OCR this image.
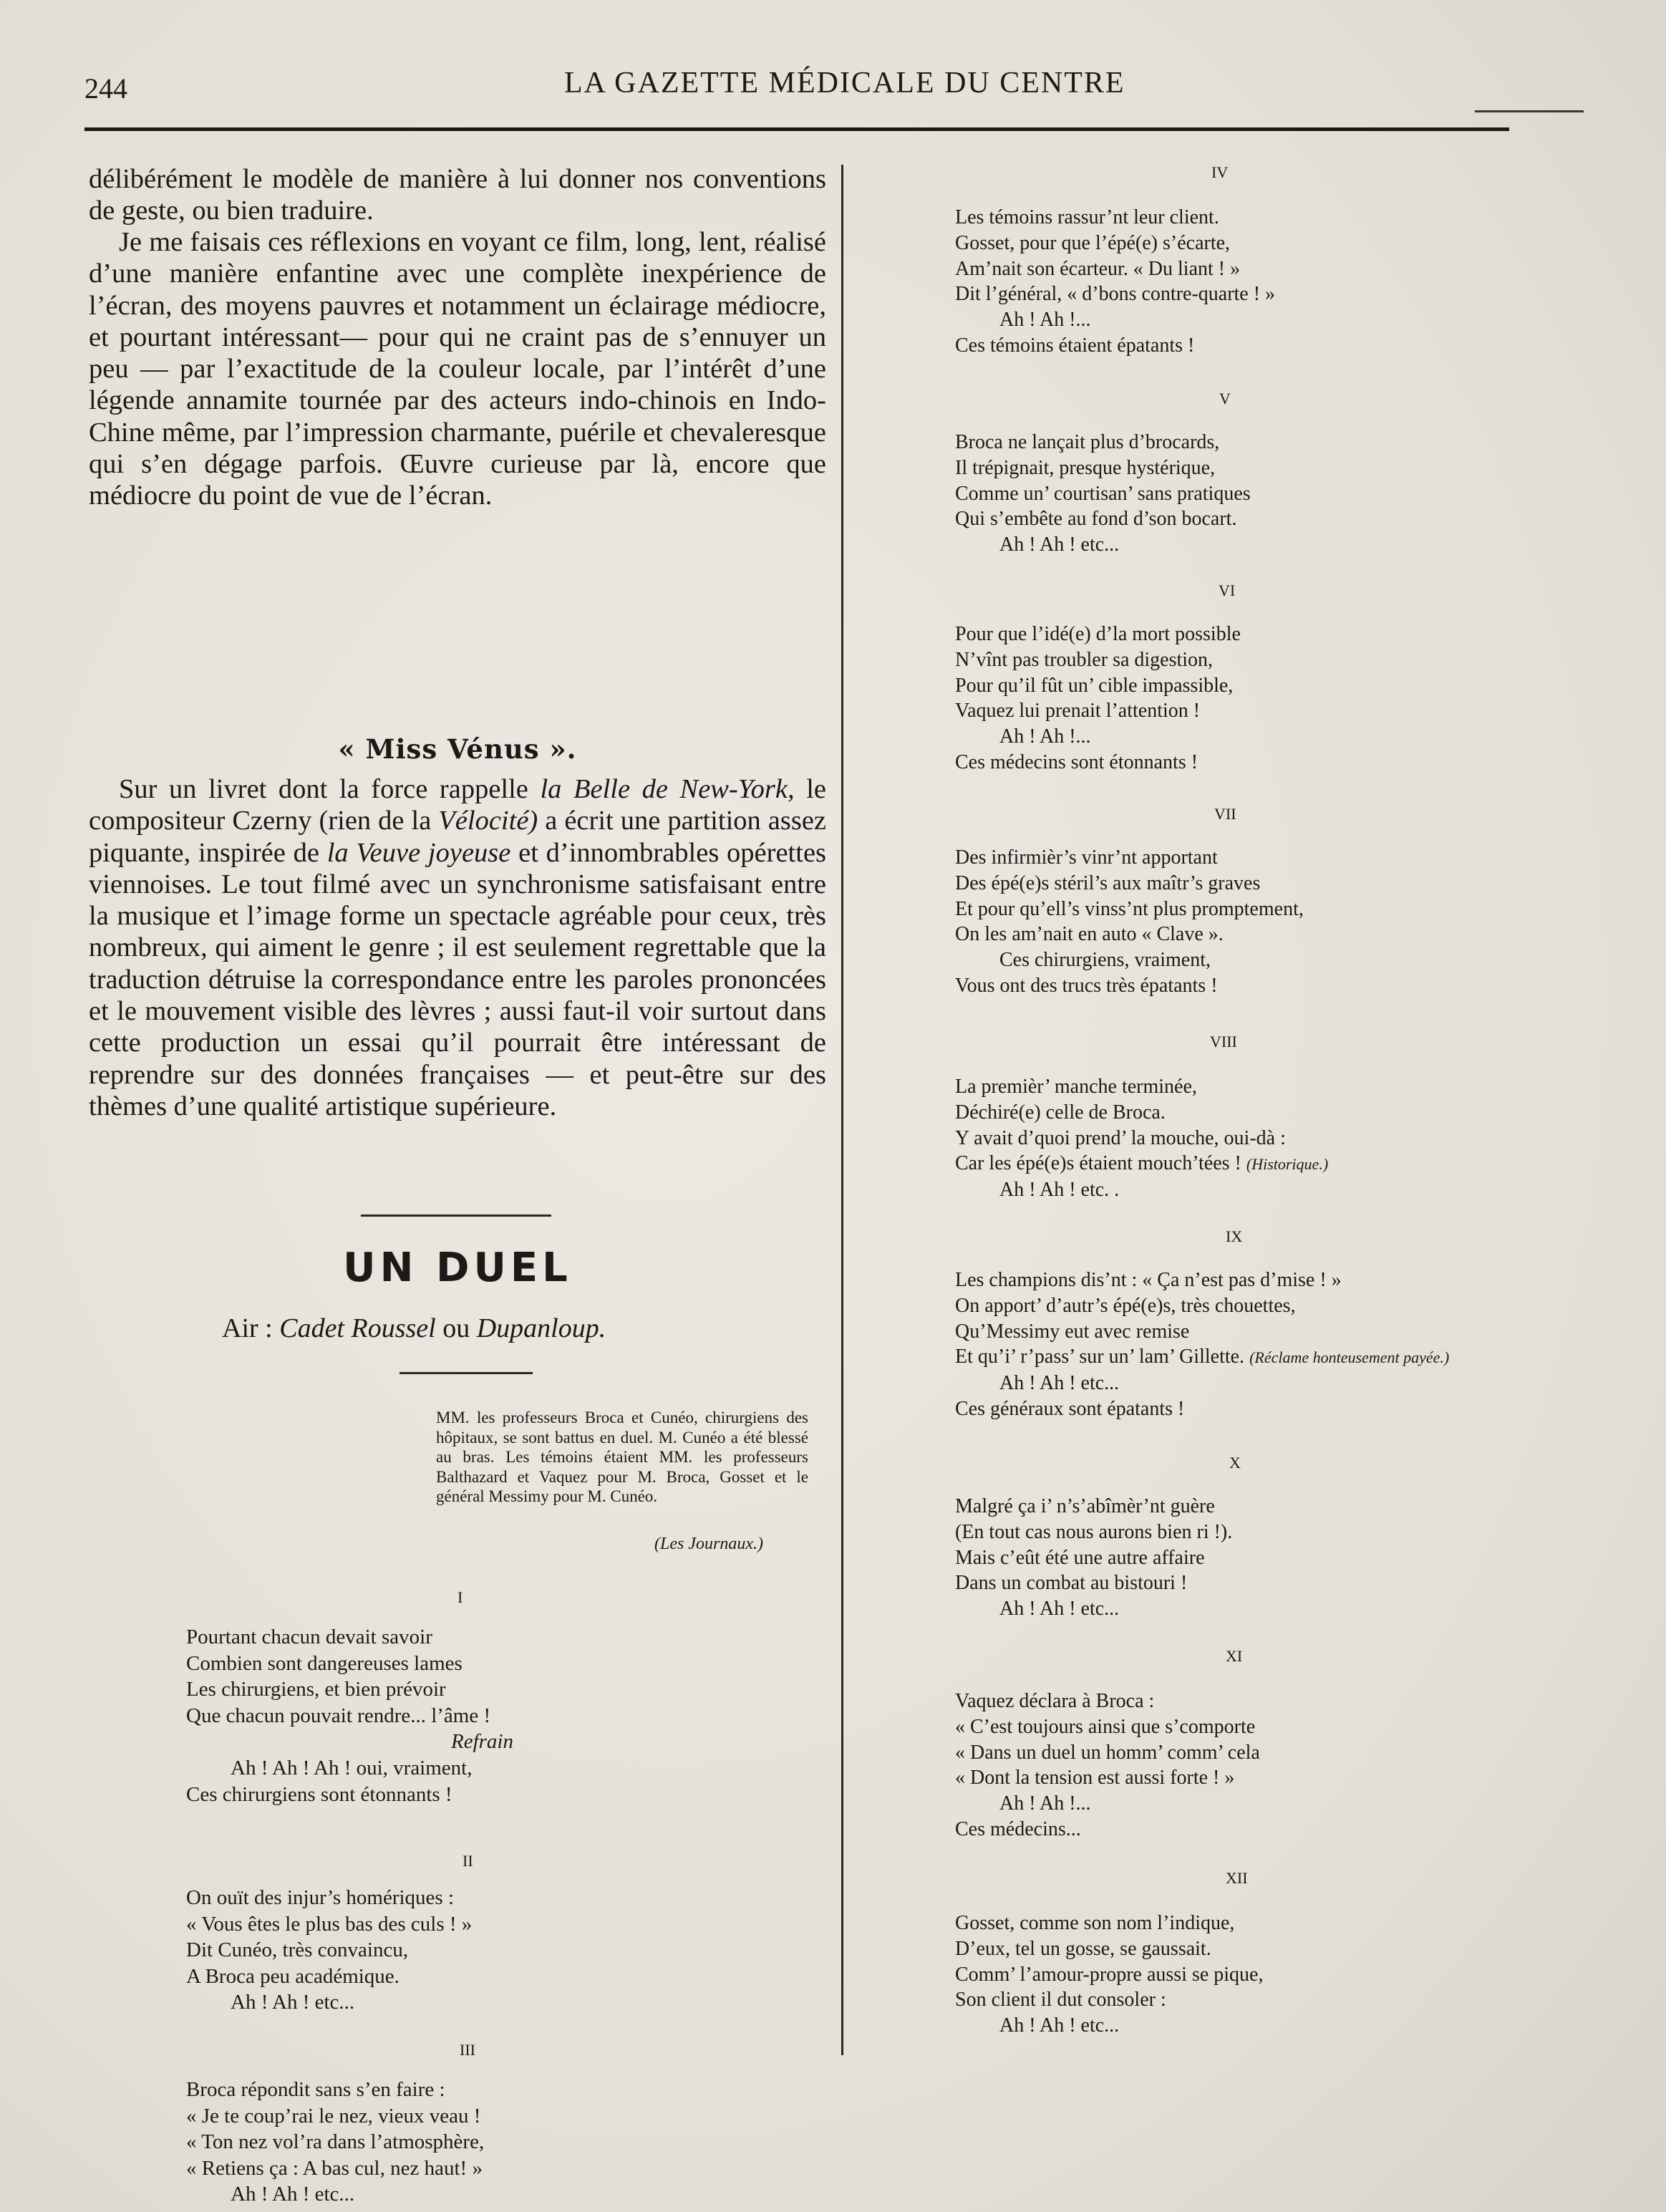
244	LA GAZETTE MÉDICALE DU CENTRE

délibérément le modèle de manière à lui donner nos conventions de geste, ou bien traduire.

Je me faisais ces réflexions en voyant ce film, long, lent, réalisé d’une manière enfantine avec une complète inexpérience de l’écran, des moyens pauvres et notamment un éclairage médiocre, et pourtant intéressant— pour qui ne craint pas de s’ennuyer un peu — par l’exactitude de la couleur locale, par l’intérêt d’une légende annamite tournée par des acteurs indo-chinois en Indo-Chine même, par l’impression charmante, puérile et chevaleresque qui s’en dégage parfois. Œuvre curieuse par là, encore que médiocre du point de vue de l’écran.

« Miss Vénus ».

Sur un livret dont la force rappelle la Belle de New-York, le compositeur Czerny (rien de la Vélocité) a écrit une partition assez piquante, inspirée de la Veuve joyeuse et d’innombrables opérettes viennoises. Le tout filmé avec un synchronisme satisfaisant entre la musique et l’image forme un spectacle agréable pour ceux, très nombreux, qui aiment le genre ; il est seulement regrettable que la traduction détruise la correspondance entre les paroles prononcées et le mouvement visible des lèvres ; aussi faut-il voir surtout dans cette production un essai qu’il pourrait être intéressant de reprendre sur des données françaises — et peut-être sur des thèmes d’une qualité artistique supérieure.

UN DUEL
Air : Cadet Roussel ou Dupanloup.
MM. les professeurs Broca et Cunéo, chirurgiens des hôpitaux, se sont battus en duel. M. Cunéo a été blessé au bras. Les témoins étaient MM. les professeurs Balthazard et Vaquez pour M. Broca, Gosset et le général Messimy pour M. Cunéo.
(Les Journaux.)
I
Pourtant chacun devait savoir
Combien sont dangereuses lames
Les chirurgiens, et bien prévoir
Que chacun pouvait rendre... l’âme !
Refrain
Ah ! Ah ! Ah ! oui, vraiment,
Ces chirurgiens sont étonnants !
II
On ouït des injur’s homériques :
« Vous êtes le plus bas des culs ! »
Dit Cunéo, très convaincu,
A Broca peu académique.
Ah ! Ah ! etc...
III
Broca répondit sans s’en faire :
« Je te coup’rai le nez, vieux veau !
« Ton nez vol’ra dans l’atmosphère,
« Retiens ça : A bas cul, nez haut! »
Ah ! Ah ! etc...
IV
Les témoins rassur’nt leur client.
Gosset, pour que l’épé(e) s’écarte,
Am’nait son écarteur. « Du liant ! »
Dit l’général, « d’bons contre-quarte ! »
Ah ! Ah !...
Ces témoins étaient épatants !
V
Broca ne lançait plus d’brocards,
Il trépignait, presque hystérique,
Comme un’ courtisan’ sans pratiques
Qui s’embête au fond d’son bocart.
Ah ! Ah ! etc...
VI
Pour que l’idé(e) d’la mort possible
N’vînt pas troubler sa digestion,
Pour qu’il fût un’ cible impassible,
Vaquez lui prenait l’attention !
Ah ! Ah !...
Ces médecins sont étonnants !
VII
Des infirmièr’s vinr’nt apportant
Des épé(e)s stéril’s aux maîtr’s graves
Et pour qu’ell’s vinss’nt plus promptement,
On les am’nait en auto « Clave ».
Ces chirurgiens, vraiment,
Vous ont des trucs très épatants !
VIII
La premièr’ manche terminée,
Déchiré(e) celle de Broca.
Y avait d’quoi prend’ la mouche, oui-dà :
Car les épé(e)s étaient mouch’tées ! (Historique.)
Ah ! Ah ! etc. .
IX
Les champions dis’nt : « Ça n’est pas d’mise ! »
On apport’ d’autr’s épé(e)s, très chouettes,
Qu’Messimy eut avec remise
Et qu’i’ r’pass’ sur un’ lam’ Gillette. (Réclame honteusement payée.)
Ah ! Ah ! etc...
Ces généraux sont épatants !
X
Malgré ça i’ n’s’abîmèr’nt guère
(En tout cas nous aurons bien ri !).
Mais c’eût été une autre affaire
Dans un combat au bistouri !
Ah ! Ah ! etc...
XI
Vaquez déclara à Broca :
« C’est toujours ainsi que s’comporte
« Dans un duel un homm’ comm’ cela
« Dont la tension est aussi forte ! »
Ah ! Ah !...
Ces médecins...
XII
Gosset, comme son nom l’indique,
D’eux, tel un gosse, se gaussait.
Comm’ l’amour-propre aussi se pique,
Son client il dut consoler :
Ah ! Ah ! etc...
